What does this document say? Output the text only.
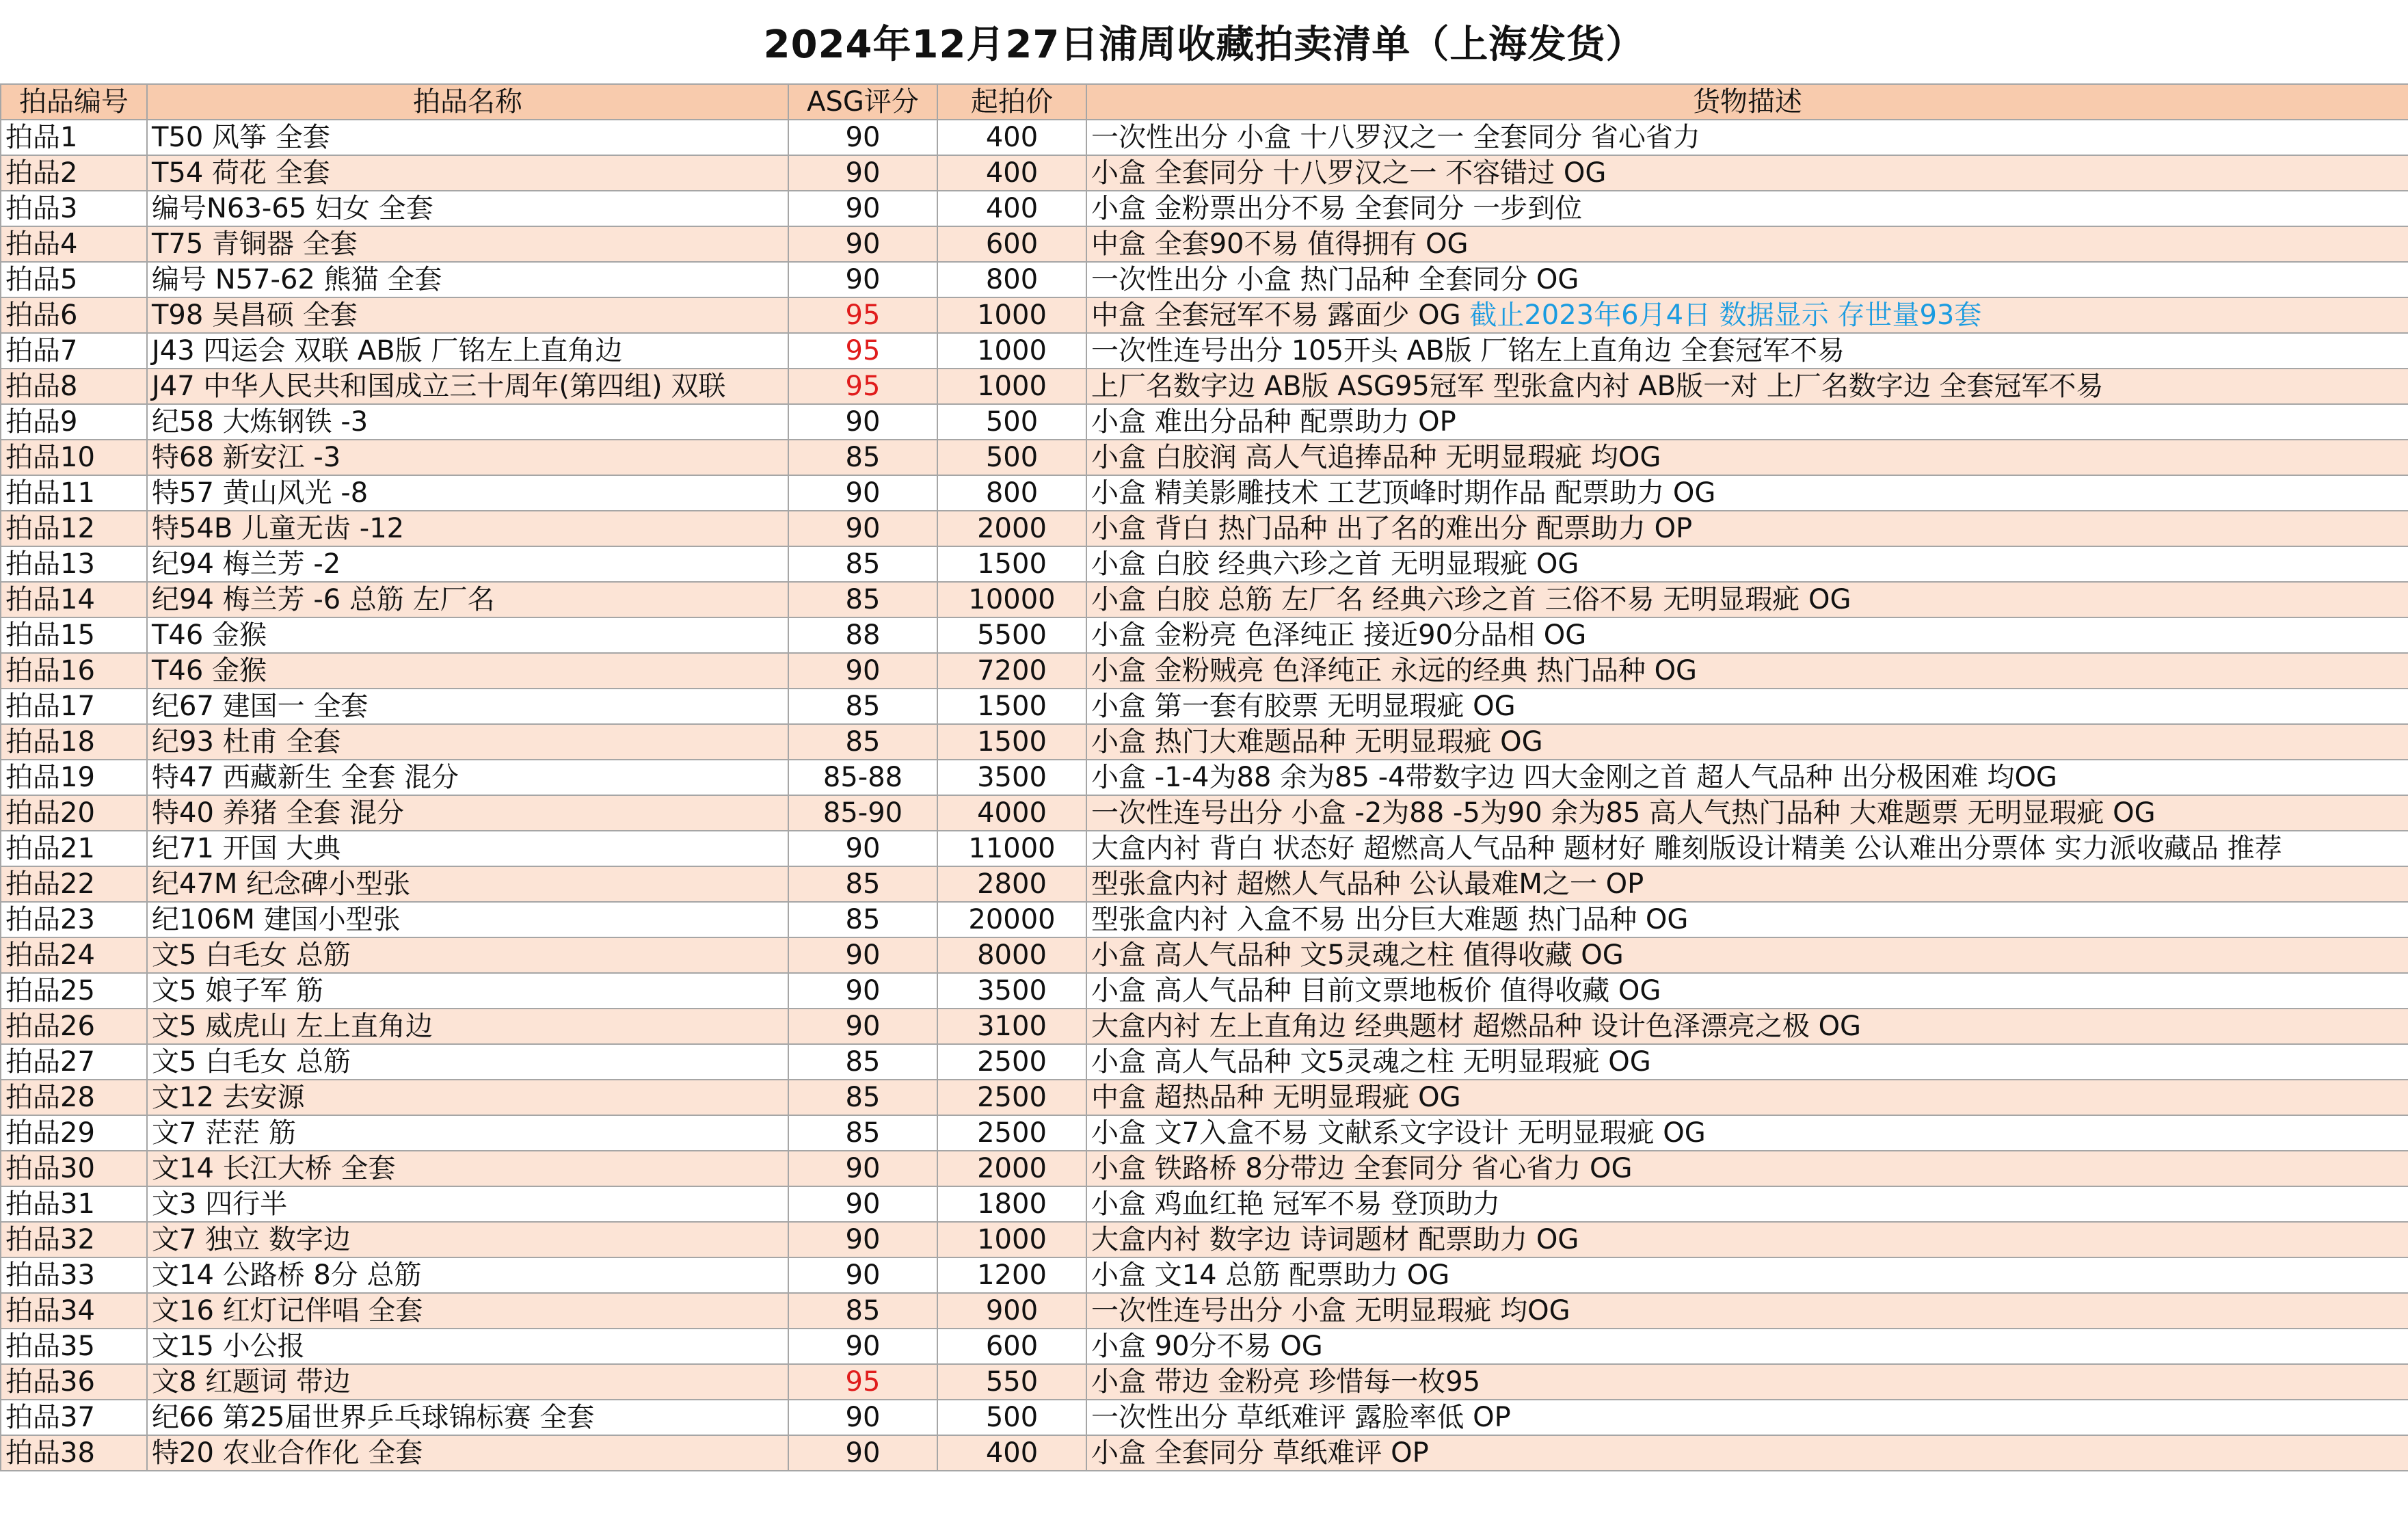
2024年12月27日浦周收藏拍卖清单（上海发货）
拍品编号	拍品名称	ASG评分	起拍价	货物描述
拍品1	T50 风筝 全套	90	400	一次性出分 小盒 十八罗汉之一 全套同分 省心省力
拍品2	T54 荷花 全套	90	400	小盒 全套同分 十八罗汉之一 不容错过 OG
拍品3	编号N63-65 妇女 全套	90	400	小盒 金粉票出分不易 全套同分 一步到位
拍品4	T75 青铜器 全套	90	600	中盒 全套90不易 值得拥有 OG
拍品5	编号 N57-62 熊猫 全套	90	800	一次性出分 小盒 热门品种 全套同分 OG
拍品6	T98 吴昌硕 全套	95	1000	中盒 全套冠军不易 露面少 OG 截止2023年6月4日 数据显示 存世量93套
拍品7	J43 四运会 双联 AB版 厂铭左上直角边	95	1000	一次性连号出分 105开头 AB版 厂铭左上直角边 全套冠军不易
拍品8	J47 中华人民共和国成立三十周年(第四组) 双联	95	1000	上厂名数字边 AB版 ASG95冠军 型张盒内衬 AB版一对 上厂名数字边 全套冠军不易
拍品9	纪58 大炼钢铁 -3	90	500	小盒 难出分品种 配票助力 OP
拍品10	特68 新安江 -3	85	500	小盒 白胶润 高人气追捧品种 无明显瑕疵 均OG
拍品11	特57 黄山风光 -8	90	800	小盒 精美影雕技术 工艺顶峰时期作品 配票助力 OG
拍品12	特54B 儿童无齿 -12	90	2000	小盒 背白 热门品种 出了名的难出分 配票助力 OP
拍品13	纪94 梅兰芳 -2	85	1500	小盒 白胶 经典六珍之首 无明显瑕疵 OG
拍品14	纪94 梅兰芳 -6 总筋 左厂名	85	10000	小盒 白胶 总筋 左厂名 经典六珍之首 三俗不易 无明显瑕疵 OG
拍品15	T46 金猴	88	5500	小盒 金粉亮 色泽纯正 接近90分品相 OG
拍品16	T46 金猴	90	7200	小盒 金粉贼亮 色泽纯正 永远的经典 热门品种 OG
拍品17	纪67 建国一 全套	85	1500	小盒 第一套有胶票 无明显瑕疵 OG
拍品18	纪93 杜甫 全套	85	1500	小盒 热门大难题品种 无明显瑕疵 OG
拍品19	特47 西藏新生 全套 混分	85-88	3500	小盒 -1-4为88 余为85 -4带数字边 四大金刚之首 超人气品种 出分极困难 均OG
拍品20	特40 养猪 全套 混分	85-90	4000	一次性连号出分 小盒 -2为88 -5为90 余为85 高人气热门品种 大难题票 无明显瑕疵 OG
拍品21	纪71 开国 大典	90	11000	大盒内衬 背白 状态好 超燃高人气品种 题材好 雕刻版设计精美 公认难出分票体 实力派收藏品 推荐
拍品22	纪47M 纪念碑小型张	85	2800	型张盒内衬 超燃人气品种 公认最难M之一 OP
拍品23	纪106M 建国小型张	85	20000	型张盒内衬 入盒不易 出分巨大难题 热门品种 OG
拍品24	文5 白毛女 总筋	90	8000	小盒 高人气品种 文5灵魂之柱 值得收藏 OG
拍品25	文5 娘子军 筋	90	3500	小盒 高人气品种 目前文票地板价 值得收藏 OG
拍品26	文5 威虎山 左上直角边	90	3100	大盒内衬 左上直角边 经典题材 超燃品种 设计色泽漂亮之极 OG
拍品27	文5 白毛女 总筋	85	2500	小盒 高人气品种 文5灵魂之柱 无明显瑕疵 OG
拍品28	文12 去安源	85	2500	中盒 超热品种 无明显瑕疵 OG
拍品29	文7 茫茫 筋	85	2500	小盒 文7入盒不易 文献系文字设计 无明显瑕疵 OG
拍品30	文14 长江大桥 全套	90	2000	小盒 铁路桥 8分带边 全套同分 省心省力 OG
拍品31	文3 四行半	90	1800	小盒 鸡血红艳 冠军不易 登顶助力
拍品32	文7 独立 数字边	90	1000	大盒内衬 数字边 诗词题材 配票助力 OG
拍品33	文14 公路桥 8分 总筋	90	1200	小盒 文14 总筋 配票助力 OG
拍品34	文16 红灯记伴唱 全套	85	900	一次性连号出分 小盒 无明显瑕疵 均OG
拍品35	文15 小公报	90	600	小盒 90分不易 OG
拍品36	文8 红题词 带边	95	550	小盒 带边 金粉亮 珍惜每一枚95
拍品37	纪66 第25届世界乒乓球锦标赛 全套	90	500	一次性出分 草纸难评 露脸率低 OP
拍品38	特20 农业合作化 全套	90	400	小盒 全套同分 草纸难评 OP
